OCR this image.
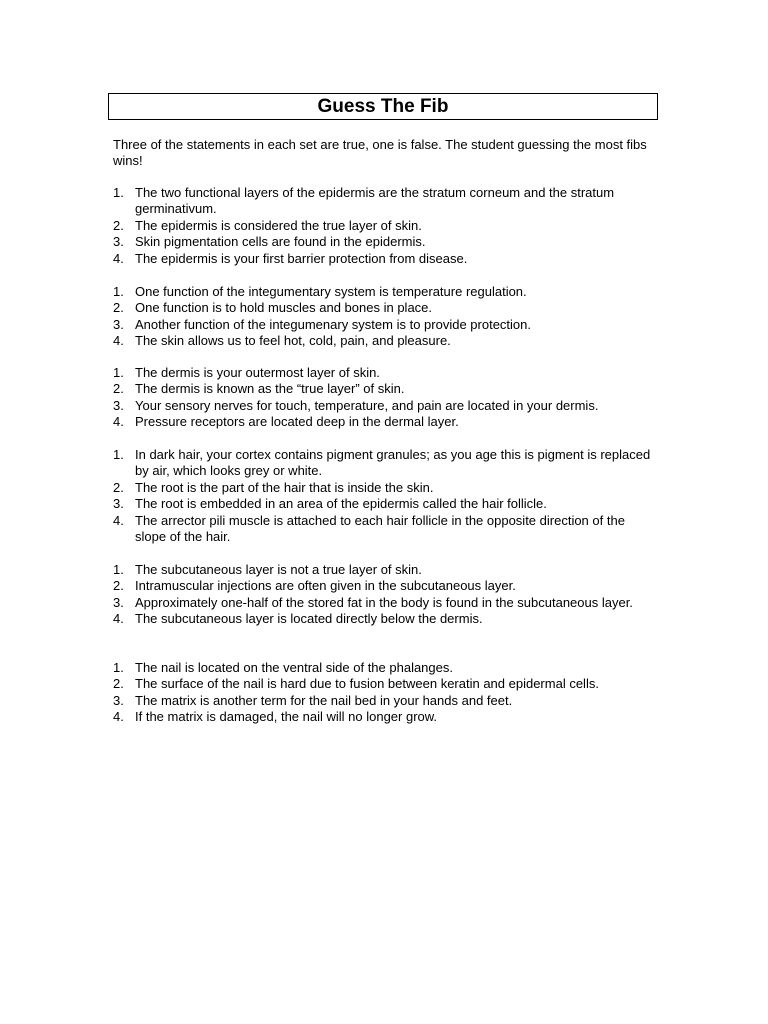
Guess The Fib

Three of the statements in each set are true, one is false. The student guessing the most fibs wins!

1. The two functional layers of the epidermis are the stratum corneum and the stratum germinativum.
2. The epidermis is considered the true layer of skin.
3. Skin pigmentation cells are found in the epidermis.
4. The epidermis is your first barrier protection from disease.
1. One function of the integumentary system is temperature regulation.
2. One function is to hold muscles and bones in place.
3. Another function of the integumenary system is to provide protection.
4. The skin allows us to feel hot, cold, pain, and pleasure.
1. The dermis is your outermost layer of skin.
2. The dermis is known as the “true layer” of skin.
3. Your sensory nerves for touch, temperature, and pain are located in your dermis.
4. Pressure receptors are located deep in the dermal layer.
1. In dark hair, your cortex contains pigment granules; as you age this is pigment is replaced by air, which looks grey or white.
2. The root is the part of the hair that is inside the skin.
3. The root is embedded in an area of the epidermis called the hair follicle.
4. The arrector pili muscle is attached to each hair follicle in the opposite direction of the slope of the hair.
1. The subcutaneous layer is not a true layer of skin.
2. Intramuscular injections are often given in the subcutaneous layer.
3. Approximately one-half of the stored fat in the body is found in the subcutaneous layer.
4. The subcutaneous layer is located directly below the dermis.
1. The nail is located on the ventral side of the phalanges.
2. The surface of the nail is hard due to fusion between keratin and epidermal cells.
3. The matrix is another term for the nail bed in your hands and feet.
4. If the matrix is damaged, the nail will no longer grow.
